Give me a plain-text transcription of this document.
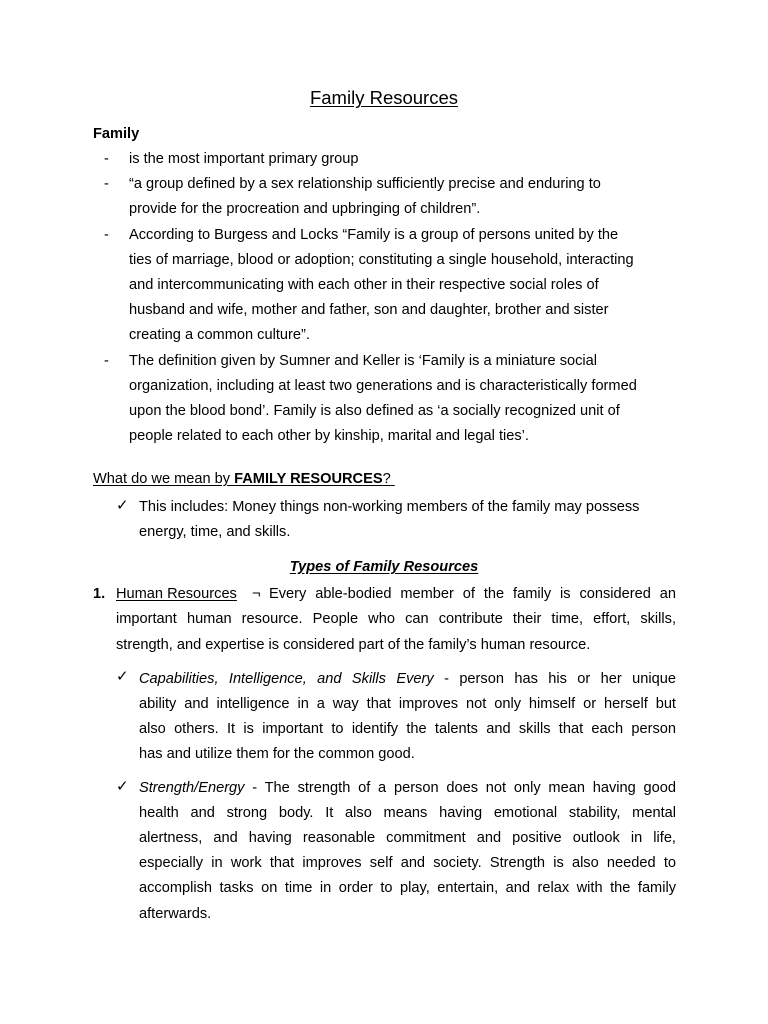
Family Resources
Family
- is the most important primary group
- “a group defined by a sex relationship sufficiently precise and enduring to
provide for the procreation and upbringing of children”.
- According to Burgess and Locks “Family is a group of persons united by the
ties of marriage, blood or adoption; constituting a single household, interacting
and intercommunicating with each other in their respective social roles of
husband and wife, mother and father, son and daughter, brother and sister
creating a common culture”.
- The definition given by Sumner and Keller is ‘Family is a miniature social
organization, including at least two generations and is characteristically formed
upon the blood bond’. Family is also defined as ‘a socially recognized unit of
people related to each other by kinship, marital and legal ties’.
What do we mean by FAMILY RESOURCES?
✓ This includes: Money things non-working members of the family may possess
energy, time, and skills.
Types of Family Resources
1. Human Resources ¬ Every able-bodied member of the family is considered an
important human resource. People who can contribute their time, effort, skills,
strength, and expertise is considered part of the family’s human resource.
✓ Capabilities, Intelligence, and Skills Every - person has his or her unique
ability and intelligence in a way that improves not only himself or herself but
also others. It is important to identify the talents and skills that each person
has and utilize them for the common good.
✓ Strength/Energy - The strength of a person does not only mean having good
health and strong body. It also means having emotional stability, mental
alertness, and having reasonable commitment and positive outlook in life,
especially in work that improves self and society. Strength is also needed to
accomplish tasks on time in order to play, entertain, and relax with the family
afterwards.
